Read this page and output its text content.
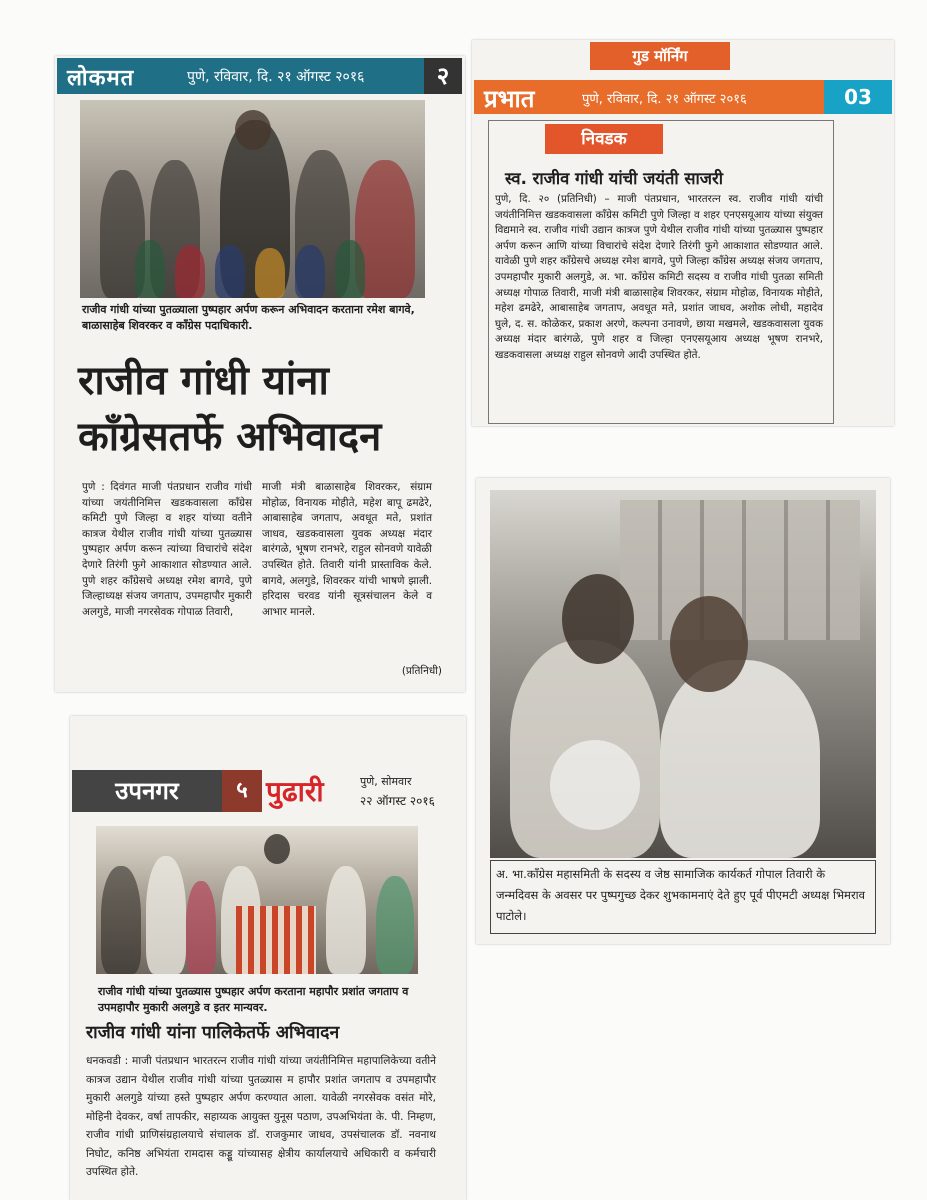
लोकमत	पुणे, रविवार, दि. २१ ऑगस्ट २०१६	२
राजीव गांधी यांच्या पुतळ्याला पुष्पहार अर्पण करून अभिवादन करताना रमेश बागवे, बाळासाहेब शिवरकर व कॉंग्रेस पदाधिकारी.
राजीव गांधी यांना
कॉंग्रेसतर्फे अभिवादन
पुणे : दिवंगत माजी पंतप्रधान राजीव गांधी यांच्या जयंतीनिमित्त खडकवासला कॉंग्रेस कमिटी पुणे जिल्हा व शहर यांच्या वतीने कात्रज येथील राजीव गांधी यांच्या पुतळ्यास पुष्पहार अर्पण करून त्यांच्या विचारांचे संदेश देणारे तिरंगी फुगे आकाशात सोडण्यात आले. पुणे शहर कॉंग्रेसचे अध्यक्ष रमेश बागवे, पुणे जिल्हाध्यक्ष संजय जगताप, उपमहापौर मुकारी अलगुडे, माजी नगरसेवक गोपाळ तिवारी,
माजी मंत्री बाळासाहेब शिवरकर, संग्राम मोहोळ, विनायक मोहीते, महेश बापू ढमढेरे, आबासाहेब जगताप, अवधूत मते, प्रशांत जाधव, खडकवासला युवक अध्यक्ष मंदार बारंगळे, भूषण रानभरे, राहुल सोनवणे यावेळी उपस्थित होते. तिवारी यांनी प्रास्ताविक केले. बागवे, अलगुडे, शिवरकर यांची भाषणे झाली. हरिदास चरवड यांनी सूत्रसंचालन केले व आभार मानले.
(प्रतिनिधी)
गुड मॉर्निंग
प्रभात	पुणे, रविवार, दि. २१ ऑगस्ट २०१६	03
निवडक
स्व. राजीव गांधी यांची जयंती साजरी
पुणे, दि. २० (प्रतिनिधी) – माजी पंतप्रधान, भारतरत्न स्व. राजीव गांधी यांची जयंतीनिमित्त खडकवासला कॉंग्रेस कमिटी पुणे जिल्हा व शहर एनएसयूआय यांच्या संयुक्त विद्यमाने स्व. राजीव गांधी उद्यान कात्रज पुणे येथील राजीव गांधी यांच्या पुतळ्यास पुष्पहार अर्पण करून आणि यांच्या विचारांचे संदेश देणारे तिरंगी फुगे आकाशात सोडण्यात आले. यावेळी पुणे शहर कॉंग्रेसचे अध्यक्ष रमेश बागवे, पुणे जिल्हा कॉंग्रेस अध्यक्ष संजय जगताप, उपमहापौर मुकारी अलगुडे, अ. भा. कॉंग्रेस कमिटी सदस्य व राजीव गांधी पुतळा समिती अध्यक्ष गोपाळ तिवारी, माजी मंत्री बाळासाहेब शिवरकर, संग्राम मोहोळ, विनायक मोहीते, महेश ढमढेरे, आबासाहेब जगताप, अवधूत मते, प्रशांत जाधव, अशोक लोधी, महादेव घुले, द. स. कोळेकर, प्रकाश अरणे, कल्पना उनावणे, छाया मखमले, खडकवासला युवक अध्यक्ष मंदार बारंगळे, पुणे शहर व जिल्हा एनएसयूआय अध्यक्ष भूषण रानभरे, खडकवासला अध्यक्ष राहुल सोनवणे आदी उपस्थित होते.
अ. भा.कॉंग्रेस महासमिती के सदस्य व जेष्ठ सामाजिक कार्यकर्त गोपाल तिवारी के जन्मदिवस के अवसर पर पुष्पगुच्छ देकर शुभकामनाएं देते हुए पूर्व पीएमटी अध्यक्ष भिमराव पाटोले।
उपनगर	५ पुढारी	पुणे, सोमवार
२२ ऑगस्ट २०१६
राजीव गांधी यांच्या पुतळ्यास पुष्पहार अर्पण करताना महापौर प्रशांत जगताप व उपमहापौर मुकारी अलगुडे व इतर मान्यवर.
राजीव गांधी यांना पालिकेतर्फे अभिवादन
धनकवडी : माजी पंतप्रधान भारतरत्न राजीव गांधी यांच्या जयंतीनिमित्त महापालिकेच्या वतीने कात्रज उद्यान येथील राजीव गांधी यांच्या पुतळ्यास म हापौर प्रशांत जगताप व उपमहापौर मुकारी अलगुडे यांच्या हस्ते पुष्पहार अर्पण करण्यात आला. यावेळी नगरसेवक वसंत मोरे, मोहिनी देवकर, वर्षा तापकीर, सहाय्यक आयुक्त युनूस पठाण, उपअभियंता के. पी. निम्हण, राजीव गांधी प्राणिसंग्रहालयाचे संचालक डॉ. राजकुमार जाधव, उपसंचालक डॉ. नवनाथ निघोट, कनिष्ठ अभियंता रामदास कड्डू यांच्यासह क्षेत्रीय कार्यालयाचे अधिकारी व कर्मचारी उपस्थित होते.
